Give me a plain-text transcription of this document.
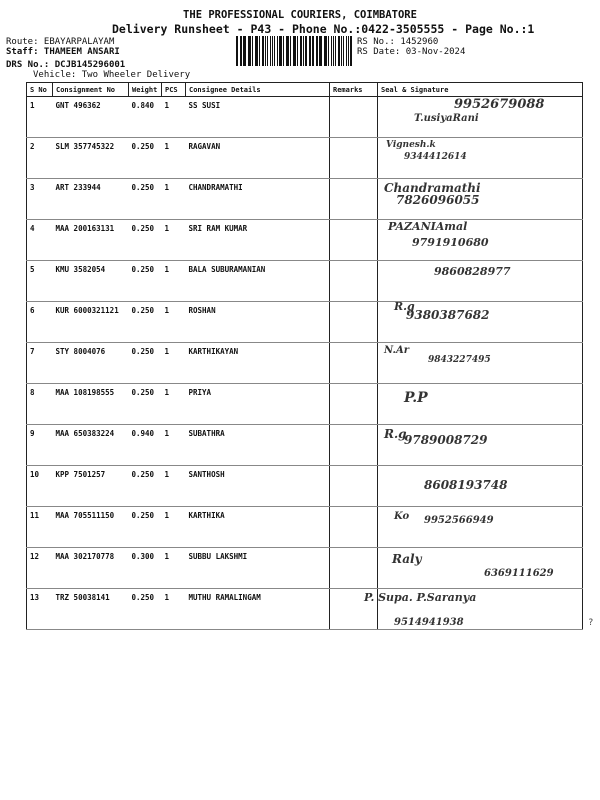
THE PROFESSIONAL COURIERS, COIMBATORE
Delivery Runsheet - P43 - Phone No.:0422-3505555 - Page No.:1
Route: EBAYARPALAYAM
Staff: THAMEEM ANSARI
DRS No.: DCJB145296001
Vehicle: Two Wheeler Delivery
RS No.: 1452960
RS Date: 03-Nov-2024
S No	Consignment No	Weight	PCS	Consignee Details	Remarks	Seal & Signature
1	GNT 496362	0.840	1	SS SUSI		9952679088
T.usiyaRani

2	SLM 357745322	0.250	1	RAGAVAN		Vignesh.k
9344412614

3	ART 233944	0.250	1	CHANDRAMATHI		Chandramathi
7826096055

4	MAA 200163131	0.250	1	SRI RAM KUMAR		PAZANIAmal
9791910680

5	KMU 3582054	0.250	1	BALA SUBURAMANIAN		9860828977

6	KUR 6000321121	0.250	1	ROSHAN		R.g
9380387682

7	STY 8004076	0.250	1	KARTHIKAYAN		N.Ar
9843227495

8	MAA 108198555	0.250	1	PRIYA		P.P

9	MAA 650383224	0.940	1	SUBATHRA		R.g
9789008729

10	KPP 7501257	0.250	1	SANTHOSH		8608193748

11	MAA 705511150	0.250	1	KARTHIKA		Ko 9952566949

12	MAA 302170778	0.300	1	SUBBU LAKSHMI		Raly
6369111629

13	TRZ 50038141	0.250	1	MUTHU RAMALINGAM		P. Supa. P.Saranya
9514941938	?
